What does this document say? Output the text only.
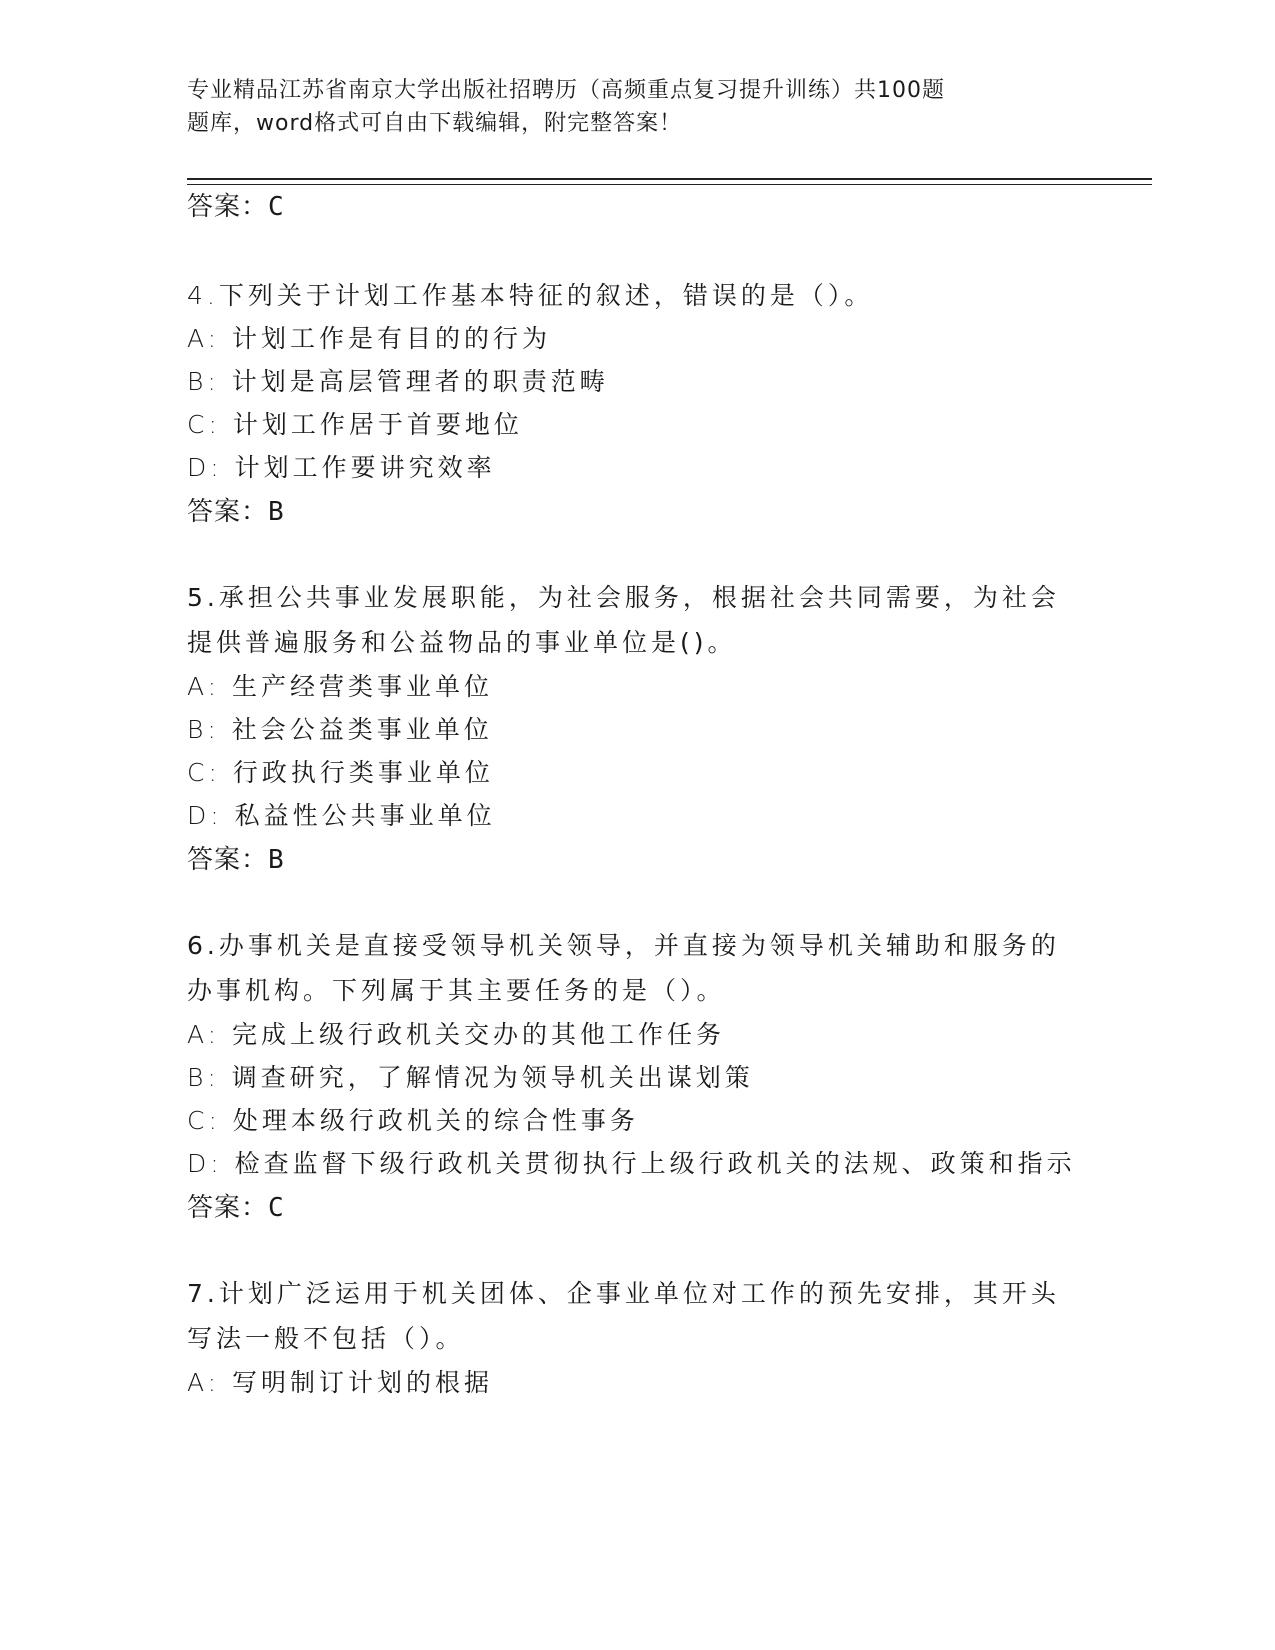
专业精品江苏省南京大学出版社招聘历（高频重点复习提升训练）共100题
题库，word格式可自由下载编辑，附完整答案！
答案：C
4.下列关于计划工作基本特征的叙述，错误的是（）。
A: 计划工作是有目的的行为
B: 计划是高层管理者的职责范畴
C: 计划工作居于首要地位
D: 计划工作要讲究效率
答案：B
5.承担公共事业发展职能，为社会服务，根据社会共同需要，为社会提供普遍服务和公益物品的事业单位是()。
A: 生产经营类事业单位
B: 社会公益类事业单位
C: 行政执行类事业单位
D: 私益性公共事业单位
答案：B
6.办事机关是直接受领导机关领导，并直接为领导机关辅助和服务的办事机构。下列属于其主要任务的是（）。
A: 完成上级行政机关交办的其他工作任务
B: 调查研究，了解情况为领导机关出谋划策
C: 处理本级行政机关的综合性事务
D: 检查监督下级行政机关贯彻执行上级行政机关的法规、政策和指示
答案：C
7.计划广泛运用于机关团体、企事业单位对工作的预先安排，其开头写法一般不包括（）。
A: 写明制订计划的根据
